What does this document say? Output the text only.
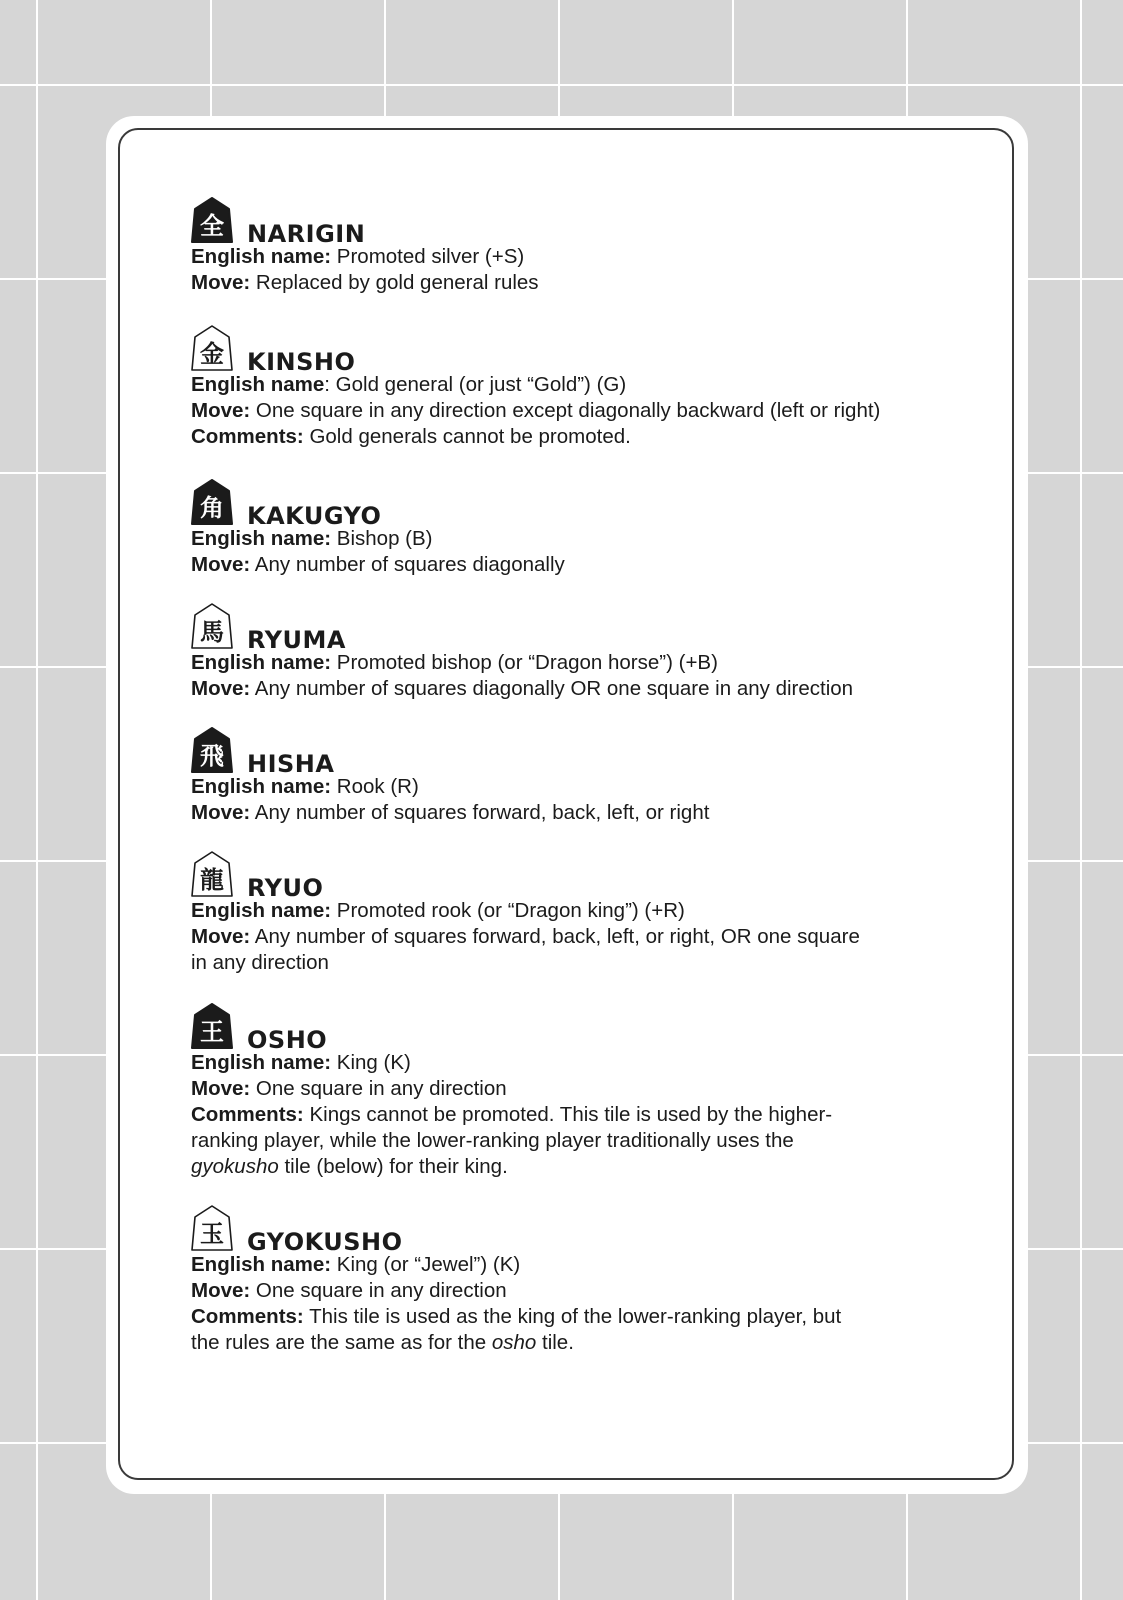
全 NARIGIN
English name: Promoted silver (+S)
Move: Replaced by gold general rules
金 KINSHO
English name: Gold general (or just “Gold”) (G)
Move: One square in any direction except diagonally backward (left or right)
Comments: Gold generals cannot be promoted.
角 KAKUGYO
English name: Bishop (B)
Move: Any number of squares diagonally
馬 RYUMA
English name: Promoted bishop (or “Dragon horse”) (+B)
Move: Any number of squares diagonally OR one square in any direction
飛 HISHA
English name: Rook (R)
Move: Any number of squares forward, back, left, or right
龍 RYUO
English name: Promoted rook (or “Dragon king”) (+R)
Move: Any number of squares forward, back, left, or right, OR one square
in any direction
王 OSHO
English name: King (K)
Move: One square in any direction
Comments: Kings cannot be promoted. This tile is used by the higher-
ranking player, while the lower-ranking player traditionally uses the
gyokusho tile (below) for their king.
玉 GYOKUSHO
English name: King (or “Jewel”) (K)
Move: One square in any direction
Comments: This tile is used as the king of the lower-ranking player, but
the rules are the same as for the osho tile.
